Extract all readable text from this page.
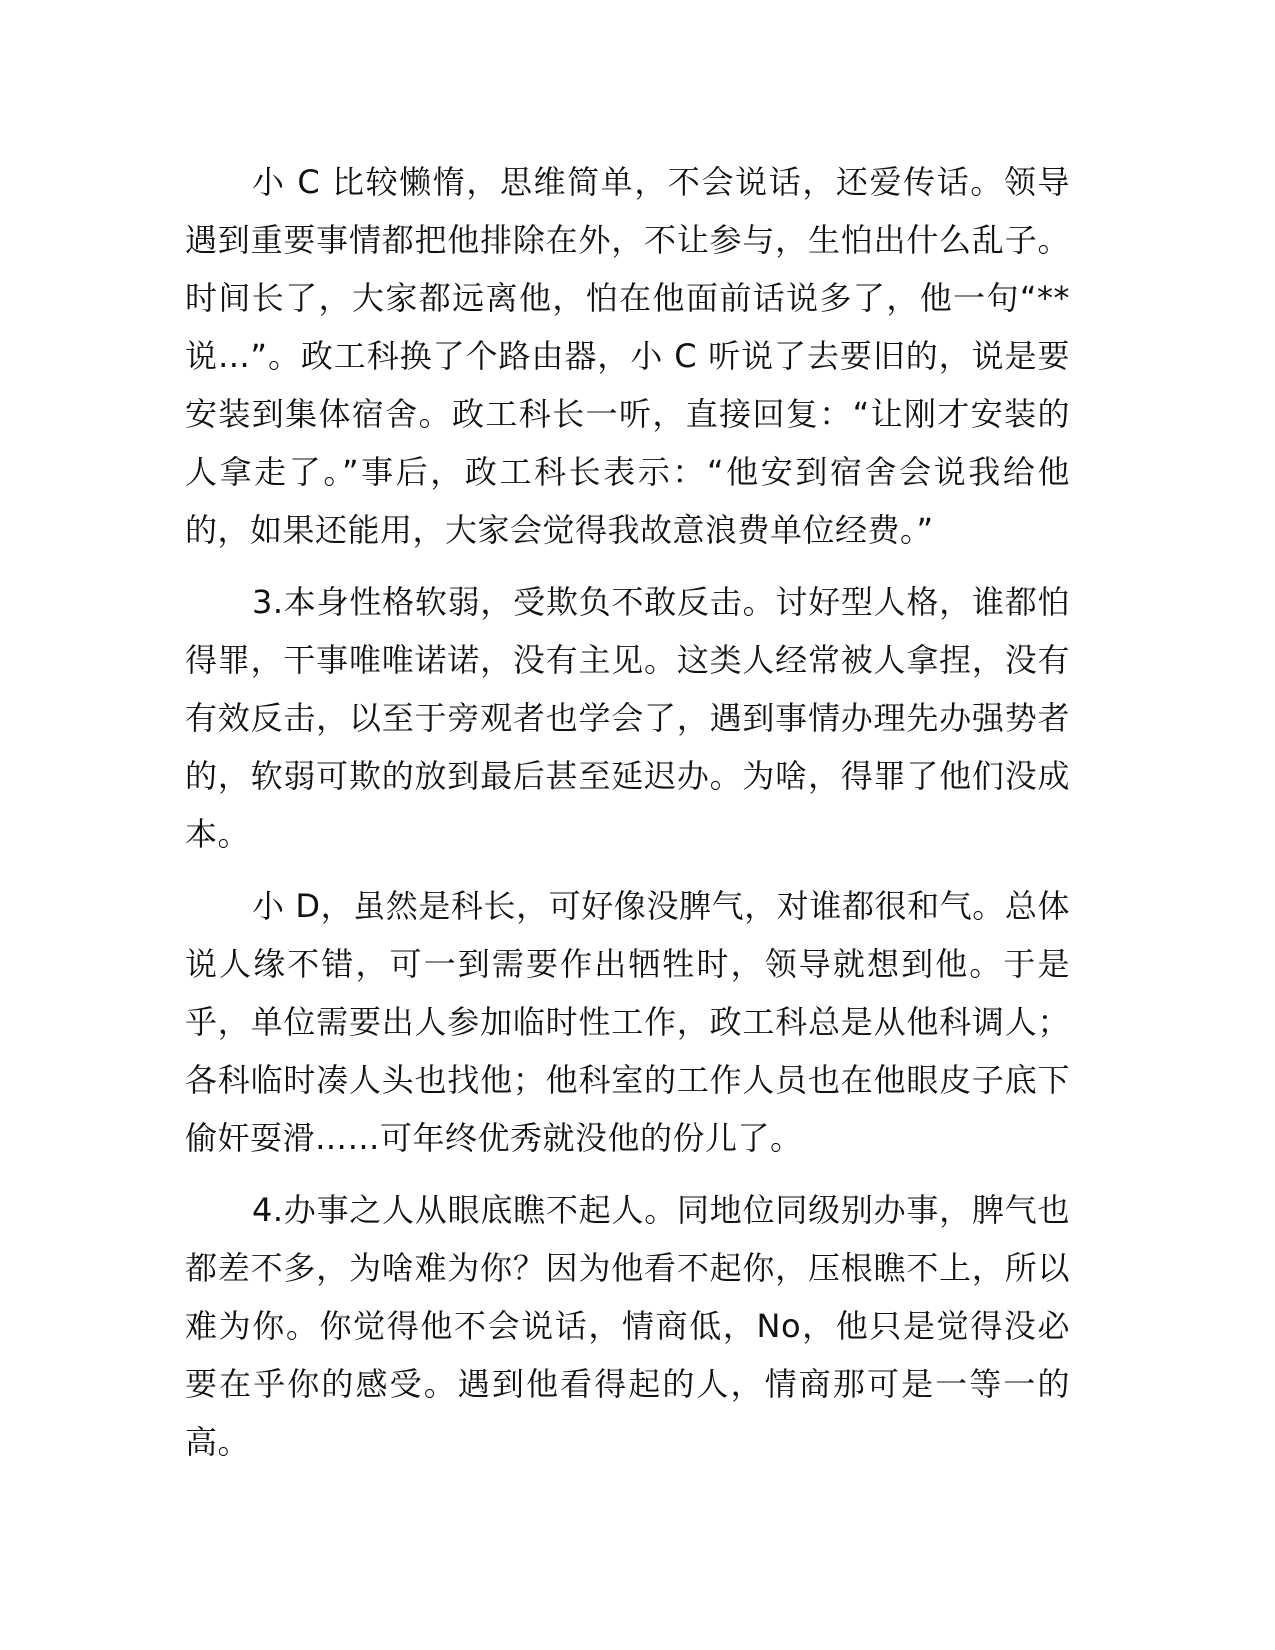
小 C 比较懒惰，思维简单，不会说话，还爱传话。领导
遇到重要事情都把他排除在外，不让参与，生怕出什么乱子。
时间长了，大家都远离他，怕在他面前话说多了，他一句“**
说…”。政工科换了个路由器，小 C 听说了去要旧的，说是要
安装到集体宿舍。政工科长一听，直接回复：“让刚才安装的
人拿走了。”事后，政工科长表示：“他安到宿舍会说我给他
的，如果还能用，大家会觉得我故意浪费单位经费。”
3.本身性格软弱，受欺负不敢反击。讨好型人格，谁都怕
得罪，干事唯唯诺诺，没有主见。这类人经常被人拿捏，没有
有效反击，以至于旁观者也学会了，遇到事情办理先办强势者
的，软弱可欺的放到最后甚至延迟办。为啥，得罪了他们没成
本。
小 D，虽然是科长，可好像没脾气，对谁都很和气。总体
说人缘不错，可一到需要作出牺牲时，领导就想到他。于是
乎，单位需要出人参加临时性工作，政工科总是从他科调人；
各科临时凑人头也找他；他科室的工作人员也在他眼皮子底下
偷奸耍滑……可年终优秀就没他的份儿了。
4.办事之人从眼底瞧不起人。同地位同级别办事，脾气也
都差不多，为啥难为你？因为他看不起你，压根瞧不上，所以
难为你。你觉得他不会说话，情商低，No，他只是觉得没必
要在乎你的感受。遇到他看得起的人，情商那可是一等一的
高。
